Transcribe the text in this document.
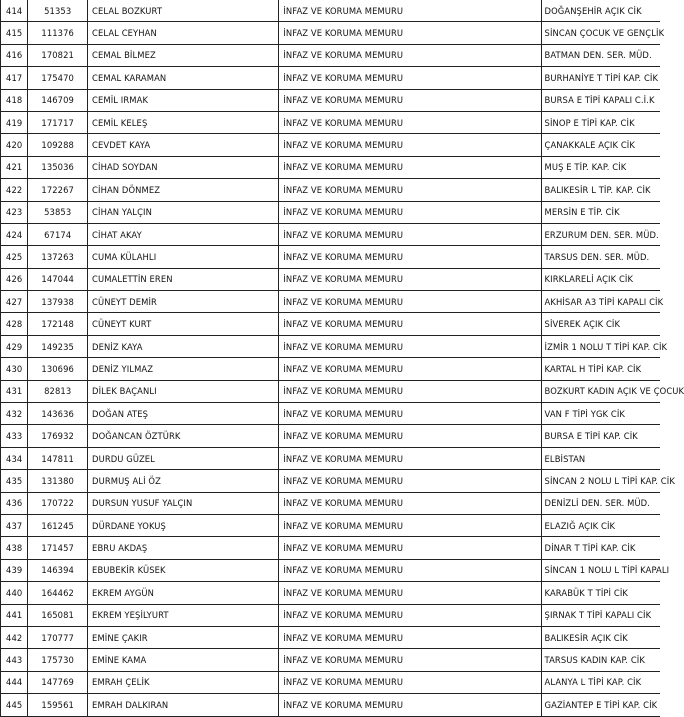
414	51353	CELAL BOZKURT	İNFAZ VE KORUMA MEMURU	DOĞANŞEHİR AÇIK CİK
415	111376	CELAL CEYHAN	İNFAZ VE KORUMA MEMURU	SİNCAN ÇOCUK VE GENÇLİK
416	170821	CEMAL BİLMEZ	İNFAZ VE KORUMA MEMURU	BATMAN DEN. SER. MÜD.
417	175470	CEMAL KARAMAN	İNFAZ VE KORUMA MEMURU	BURHANİYE T TİPİ KAP. CİK
418	146709	CEMİL IRMAK	İNFAZ VE KORUMA MEMURU	BURSA E TİPİ KAPALI C.İ.K
419	171717	CEMİL KELEŞ	İNFAZ VE KORUMA MEMURU	SİNOP E TİPİ KAP. CİK
420	109288	CEVDET KAYA	İNFAZ VE KORUMA MEMURU	ÇANAKKALE AÇIK CİK
421	135036	CİHAD SOYDAN	İNFAZ VE KORUMA MEMURU	MUŞ E TİP. KAP. CİK
422	172267	CİHAN DÖNMEZ	İNFAZ VE KORUMA MEMURU	BALIKESİR L TİP. KAP. CİK
423	53853	CİHAN YALÇIN	İNFAZ VE KORUMA MEMURU	MERSİN E TİP. CİK
424	67174	CİHAT AKAY	İNFAZ VE KORUMA MEMURU	ERZURUM DEN. SER. MÜD.
425	137263	CUMA KÜLAHLI	İNFAZ VE KORUMA MEMURU	TARSUS DEN. SER. MÜD.
426	147044	CUMALETTİN EREN	İNFAZ VE KORUMA MEMURU	KIRKLARELİ AÇIK CİK
427	137938	CÜNEYT DEMİR	İNFAZ VE KORUMA MEMURU	AKHİSAR A3 TİPİ KAPALI CİK
428	172148	CÜNEYT KURT	İNFAZ VE KORUMA MEMURU	SİVEREK AÇIK CİK
429	149235	DENİZ KAYA	İNFAZ VE KORUMA MEMURU	İZMİR 1 NOLU T TİPİ KAP. CİK
430	130696	DENİZ YILMAZ	İNFAZ VE KORUMA MEMURU	KARTAL H TİPİ KAP. CİK
431	82813	DİLEK BAÇANLI	İNFAZ VE KORUMA MEMURU	BOZKURT KADIN AÇIK VE ÇOCUK
432	143636	DOĞAN ATEŞ	İNFAZ VE KORUMA MEMURU	VAN F TİPİ YGK CİK
433	176932	DOĞANCAN ÖZTÜRK	İNFAZ VE KORUMA MEMURU	BURSA E TİPİ KAP. CİK
434	147811	DURDU GÜZEL	İNFAZ VE KORUMA MEMURU	ELBİSTAN
435	131380	DURMUŞ ALİ ÖZ	İNFAZ VE KORUMA MEMURU	SİNCAN 2 NOLU L TİPİ KAP. CİK
436	170722	DURSUN YUSUF YALÇIN	İNFAZ VE KORUMA MEMURU	DENİZLİ DEN. SER. MÜD.
437	161245	DÜRDANE YOKUŞ	İNFAZ VE KORUMA MEMURU	ELAZIĞ AÇIK CİK
438	171457	EBRU AKDAŞ	İNFAZ VE KORUMA MEMURU	DİNAR T TİPİ KAP. CİK
439	146394	EBUBEKİR KÜSEK	İNFAZ VE KORUMA MEMURU	SİNCAN 1 NOLU L TİPİ KAPALI
440	164462	EKREM AYGÜN	İNFAZ VE KORUMA MEMURU	KARABÜK T TİPİ CİK
441	165081	EKREM YEŞİLYURT	İNFAZ VE KORUMA MEMURU	ŞIRNAK T TİPİ KAPALI CİK
442	170777	EMİNE ÇAKIR	İNFAZ VE KORUMA MEMURU	BALIKESİR AÇIK CİK
443	175730	EMİNE KAMA	İNFAZ VE KORUMA MEMURU	TARSUS KADIN KAP. CİK
444	147769	EMRAH ÇELİK	İNFAZ VE KORUMA MEMURU	ALANYA L TİPİ KAP. CİK
445	159561	EMRAH DALKIRAN	İNFAZ VE KORUMA MEMURU	GAZİANTEP E TİPİ KAP. CİK
